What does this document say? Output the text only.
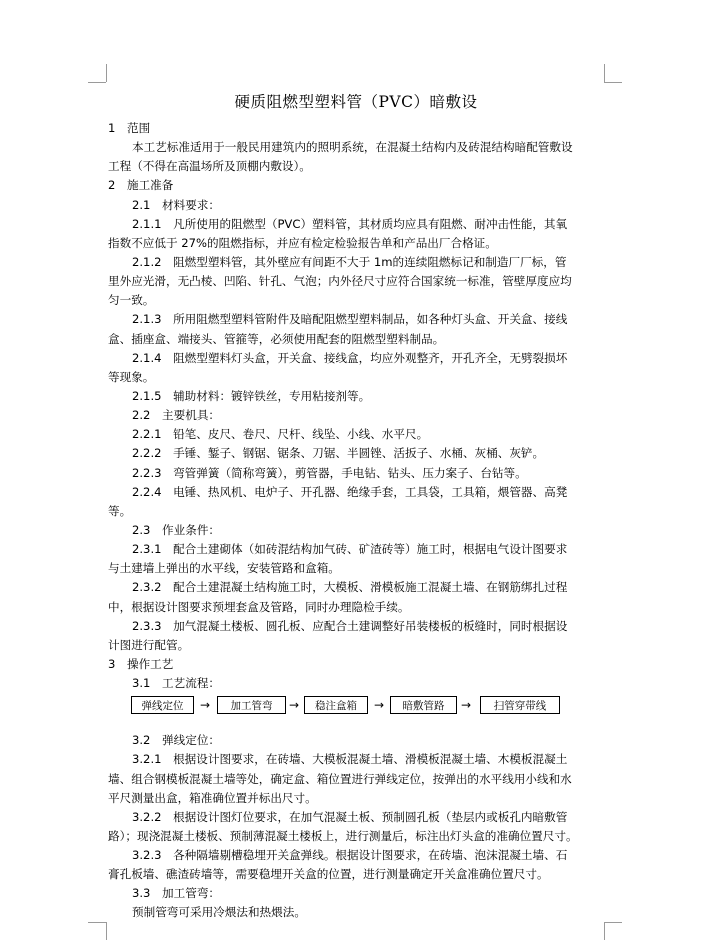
硬质阻燃型塑料管（PVC）暗敷设
1　范围
本工艺标准适用于一般民用建筑内的照明系统，在混凝土结构内及砖混结构暗配管敷设
工程（不得在高温场所及顶棚内敷设）。
2　施工准备
2.1　材料要求：
2.1.1　凡所使用的阻燃型（PVC）塑料管，其材质均应具有阻燃、耐冲击性能，其氧
指数不应低于 27%的阻燃指标，并应有检定检验报告单和产品出厂合格证。
2.1.2　阻燃型塑料管，其外壁应有间距不大于 1m的连续阻燃标记和制造厂厂标，管
里外应光滑，无凸棱、凹陷、针孔、气泡；内外径尺寸应符合国家统一标准，管壁厚度应均
匀一致。
2.1.3　所用阻燃型塑料管附件及暗配阻燃型塑料制品，如各种灯头盒、开关盒、接线
盒、插座盒、端接头、管箍等，必须使用配套的阻燃型塑料制品。
2.1.4　阻燃型塑料灯头盒，开关盒、接线盒，均应外观整齐，开孔齐全，无劈裂损坏
等现象。
2.1.5　辅助材料：镀锌铁丝，专用粘接剂等。
2.2　主要机具：
2.2.1　铅笔、皮尺、卷尺、尺杆、线坠、小线、水平尺。
2.2.2　手锤、錾子、钢锯、锯条、刀锯、半圆锉、活扳子、水桶、灰桶、灰铲。
2.2.3　弯管弹簧（简称弯簧），剪管器，手电钻、钻头、压力案子、台钻等。
2.2.4　电锤、热风机、电炉子、开孔器、绝缘手套，工具袋，工具箱，煨管器、高凳
等。
2.3　作业条件：
2.3.1　配合土建砌体（如砖混结构加气砖、矿渣砖等）施工时，根据电气设计图要求
与土建墙上弹出的水平线，安装管路和盒箱。
2.3.2　配合土建混凝土结构施工时，大模板、滑模板施工混凝土墙、在钢筋绑扎过程
中，根据设计图要求预埋套盒及管路，同时办理隐检手续。
2.3.3　加气混凝土楼板、圆孔板、应配合土建调整好吊装楼板的板缝时，同时根据设
计图进行配管。
3　操作工艺
3.1　工艺流程：
弹线定位	→	加工管弯	→	稳注盒箱	→	暗敷管路	→	扫管穿带线
3.2　弹线定位：
3.2.1　根据设计图要求，在砖墙、大模板混凝土墙、滑模板混凝土墙、木模板混凝土
墙、组合钢模板混凝土墙等处，确定盒、箱位置进行弹线定位，按弹出的水平线用小线和水
平尺测量出盒，箱准确位置并标出尺寸。
3.2.2　根据设计图灯位要求，在加气混凝土板、预制圆孔板（垫层内或板孔内暗敷管
路）；现浇混凝土楼板、预制薄混凝土楼板上，进行测量后，标注出灯头盒的准确位置尺寸。
3.2.3　各种隔墙剔槽稳埋开关盒弹线。根据设计图要求，在砖墙、泡沫混凝土墙、石
膏孔板墙、礁渣砖墙等，需要稳埋开关盒的位置，进行测量确定开关盒准确位置尺寸。
3.3　加工管弯：
预制管弯可采用冷煨法和热煨法。
